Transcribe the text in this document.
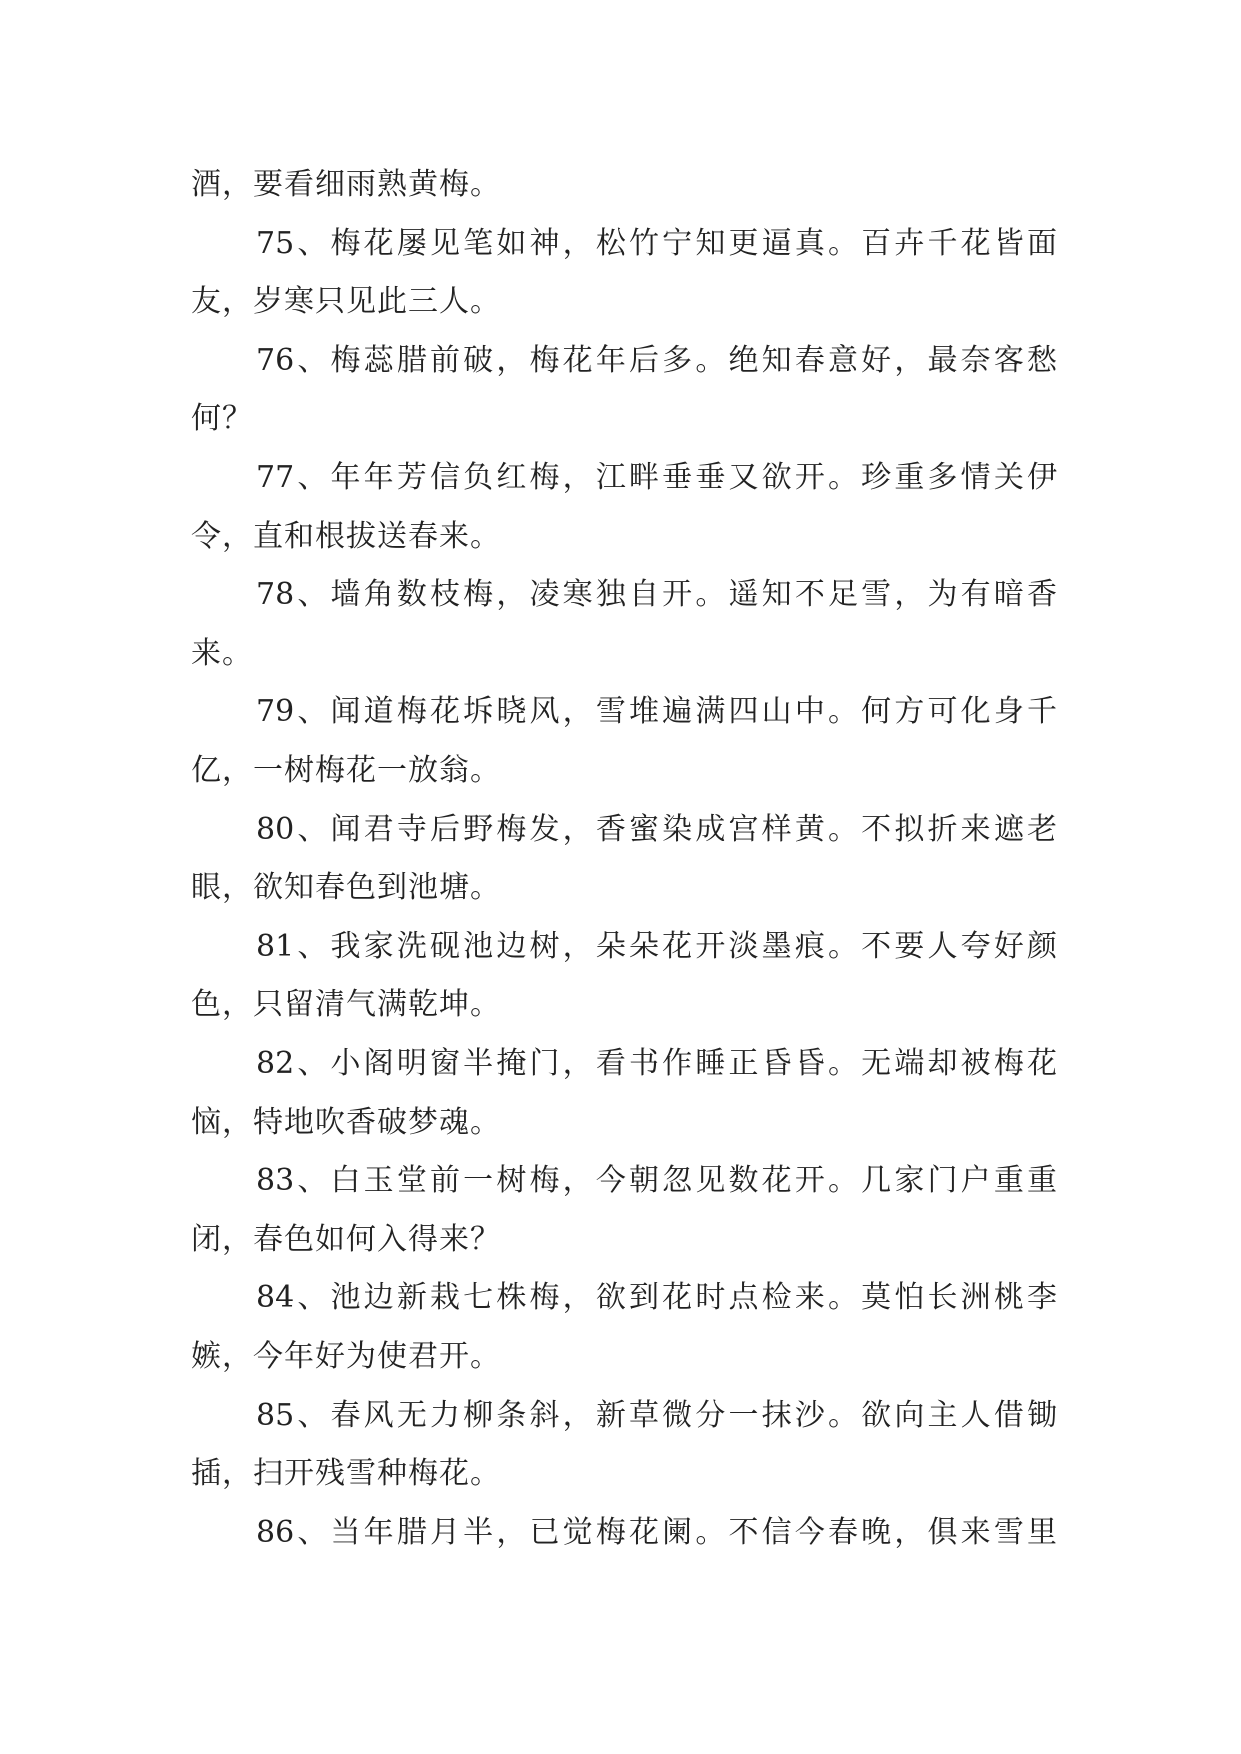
酒，要看细雨熟黄梅。
75、梅花屡见笔如神，松竹宁知更逼真。百卉千花皆面
友，岁寒只见此三人。
76、梅蕊腊前破，梅花年后多。绝知春意好，最奈客愁
何？
77、年年芳信负红梅，江畔垂垂又欲开。珍重多情关伊
令，直和根拔送春来。
78、墙角数枝梅，凌寒独自开。遥知不足雪，为有暗香
来。
79、闻道梅花坼晓风，雪堆遍满四山中。何方可化身千
亿，一树梅花一放翁。
80、闻君寺后野梅发，香蜜染成宫样黄。不拟折来遮老
眼，欲知春色到池塘。
81、我家洗砚池边树，朵朵花开淡墨痕。不要人夸好颜
色，只留清气满乾坤。
82、小阁明窗半掩门，看书作睡正昏昏。无端却被梅花
恼，特地吹香破梦魂。
83、白玉堂前一树梅，今朝忽见数花开。几家门户重重
闭，春色如何入得来？
84、池边新栽七株梅，欲到花时点检来。莫怕长洲桃李
嫉，今年好为使君开。
85、春风无力柳条斜，新草微分一抹沙。欲向主人借锄
插，扫开残雪种梅花。
86、当年腊月半，已觉梅花阑。不信今春晚，俱来雪里
